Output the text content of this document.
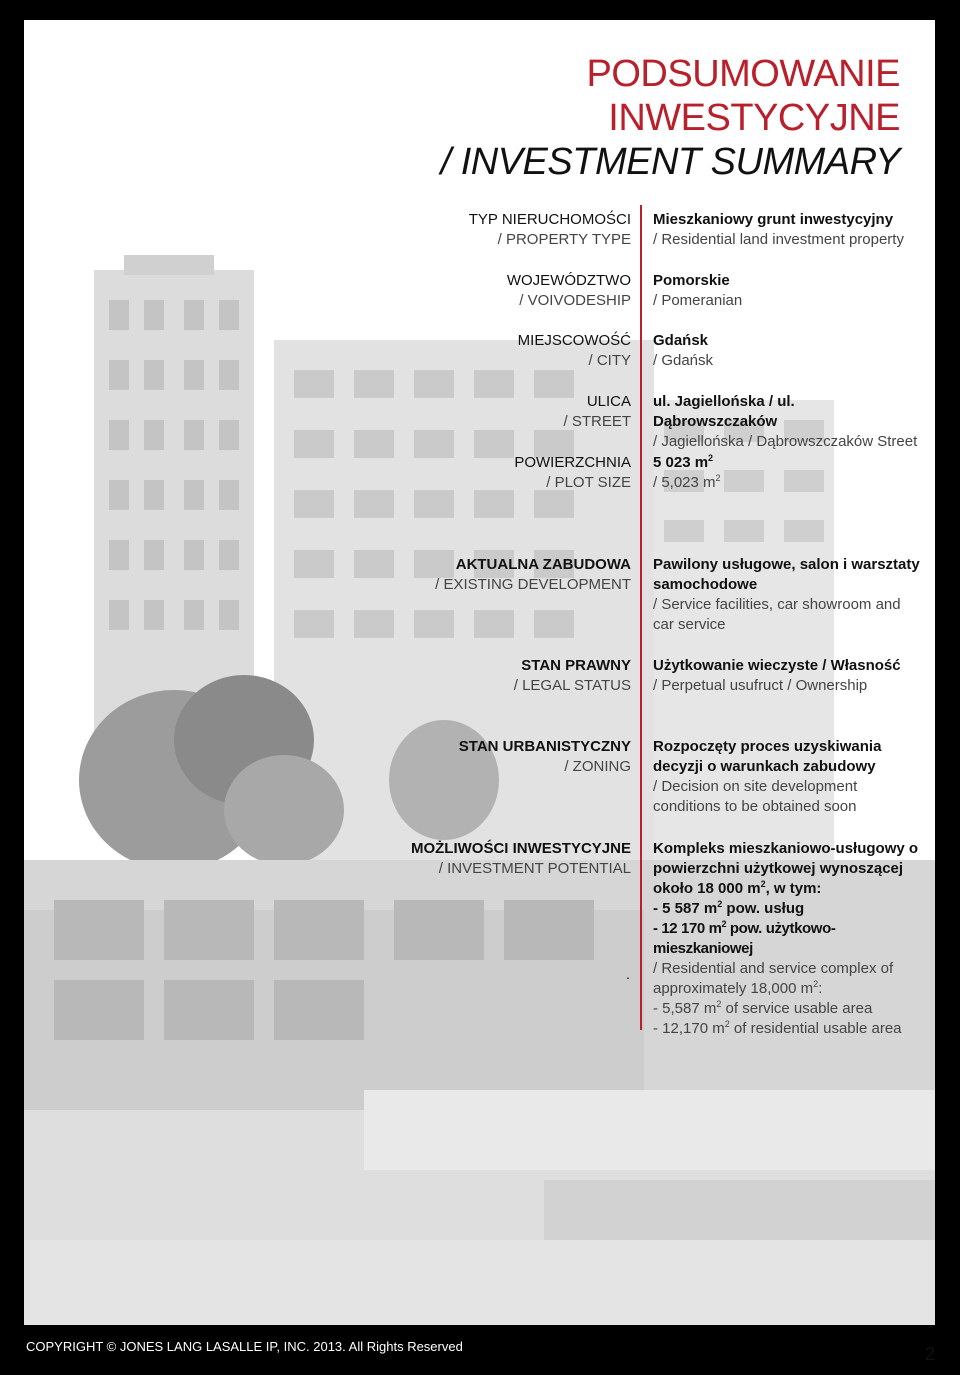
PODSUMOWANIE INWESTYCYJNE
/ INVESTMENT SUMMARY
TYP NIERUCHOMOŚCI
/ PROPERTY TYPE
Mieszkaniowy grunt inwestycyjny
/ Residential land investment property
WOJEWÓDZTWO
/ VOIVODESHIP
Pomorskie
/ Pomeranian
MIEJSCOWOŚĆ
/ CITY
Gdańsk
/ Gdańsk
ULICA
/ STREET
ul. Jagiellońska / ul. Dąbrowszczaków
/ Jagiellońska / Dąbrowszczaków Street
POWIERZCHNIA
/ PLOT SIZE
5 023 $m^2$
/ 5,023 $m^2$
AKTUALNA ZABUDOWA
/ EXISTING DEVELOPMENT
Pawilony usługowe, salon i warsztaty samochodowe
/ Service facilities, car showroom and car service
STAN PRAWNY
/ LEGAL STATUS
Użytkowanie wieczyste / Własność
/ Perpetual usufruct / Ownership
STAN URBANISTYCZNY
/ ZONING
Rozpoczęty proces uzyskiwania decyzji o warunkach zabudowy
/ Decision on site development conditions to be obtained soon
MOŻLIWOŚCI INWESTYCYJNE
/ INVESTMENT POTENTIAL
Kompleks mieszkaniowo-usługowy o powierzchni użytkowej wynoszącej około 18 000 $m^2$, w tym:
- 5 587 $m^2$ pow. usług
- 12 170 $m^2$ pow. użytkowo-mieszkaniowej
/ Residential and service complex of approximately 18,000 $m^2$:
- 5,587 $m^2$ of service usable area
- 12,170 $m^2$ of residential usable area
.
COPYRIGHT © JONES LANG LASALLE IP, INC. 2013. All Rights Reserved	2
